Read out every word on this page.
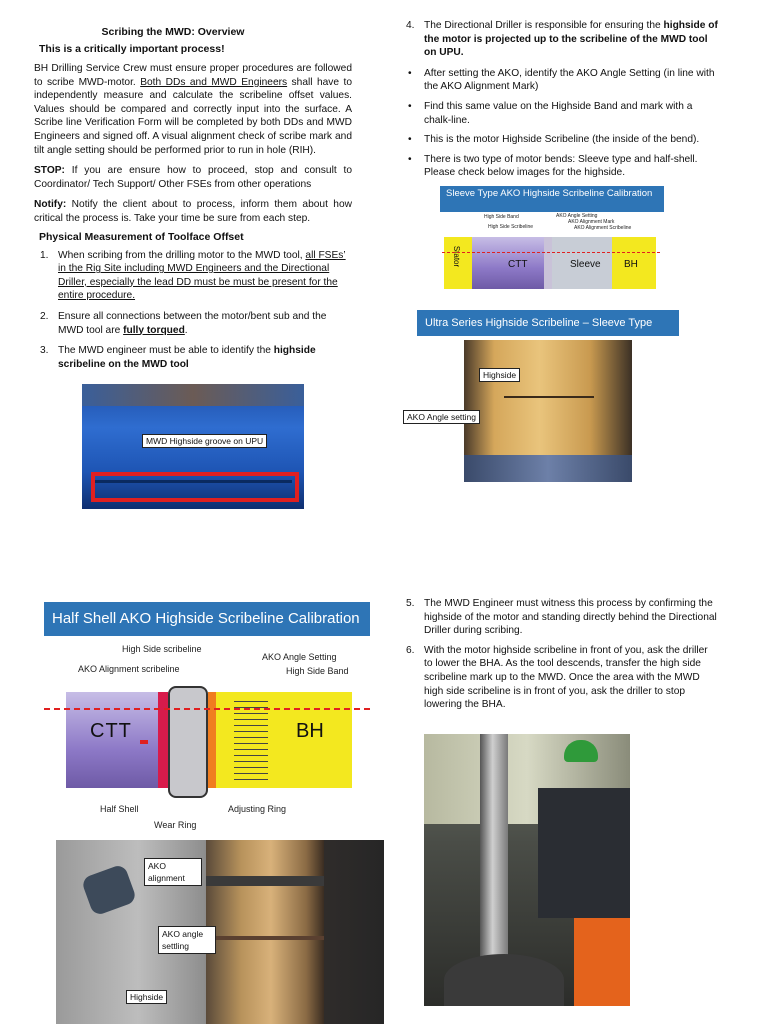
Scribing the MWD: Overview
This is a critically important process!

BH Drilling Service Crew must ensure proper procedures are followed to scribe MWD-motor. Both DDs and MWD Engineers shall have to independently measure and calculate the scribeline offset values. Values should be compared and correctly input into the surface. A Scribe line Verification Form will be completed by both DDs and MWD Engineers and signed off. A visual alignment check of scribe mark and tilt angle setting should be performed prior to run in hole (RIH).

STOP: If you are ensure how to proceed, stop and consult to Coordinator/ Tech Support/ Other FSEs from other operations

Notify: Notify the client about to process, inform them about how critical the process is. Take your time be sure from each step.

Physical Measurement of Toolface Offset
1. When scribing from the drilling motor to the MWD tool, all FSEs’ in the Rig Site including MWD Engineers and the Directional Driller, especially the lead DD must be must be present for the entire procedure.
2. Ensure all connections between the motor/bent sub and the MWD tool are fully torqued.
3. The MWD engineer must be able to identify the highside scribeline on the MWD tool
MWD Highside groove on UPU
4. The Directional Driller is responsible for ensuring the highside of the motor is projected up to the scribeline of the MWD tool on UPU.
• After setting the AKO, identify the AKO Angle Setting (in line with the AKO Alignment Mark)
• Find this same value on the Highside Band and mark with a chalk-line.
• This is the motor Highside Scribeline (the inside of the bend).
• There is two type of motor bends: Sleeve type and half-shell. Please check below images for the highside.
Sleeve Type AKO Highside Scribeline Calibration
High Side Band
High Side Scribeline
AKO Angle Setting
AKO Alignment Mark
AKO Alignment Scribeline
Stator	CTT	Sleeve BH
Ultra Series Highside Scribeline – Sleeve Type
Highside
AKO Angle setting
Half Shell AKO Highside Scribeline Calibration
High Side scribeline
AKO Alignment scribeline
AKO Angle Setting
High Side Band
CTT	BH
Half Shell
Wear Ring
Adjusting Ring
AKO alignment
AKO angle settling
Highside
5. The MWD Engineer must witness this process by confirming the highside of the motor and standing directly behind the Directional Driller during scribing.
6. With the motor highside scribeline in front of you, ask the driller to lower the BHA. As the tool descends, transfer the high side scribeline mark up to the MWD. Once the area with the MWD high side scribeline is in front of you, ask the driller to stop lowering the BHA.
